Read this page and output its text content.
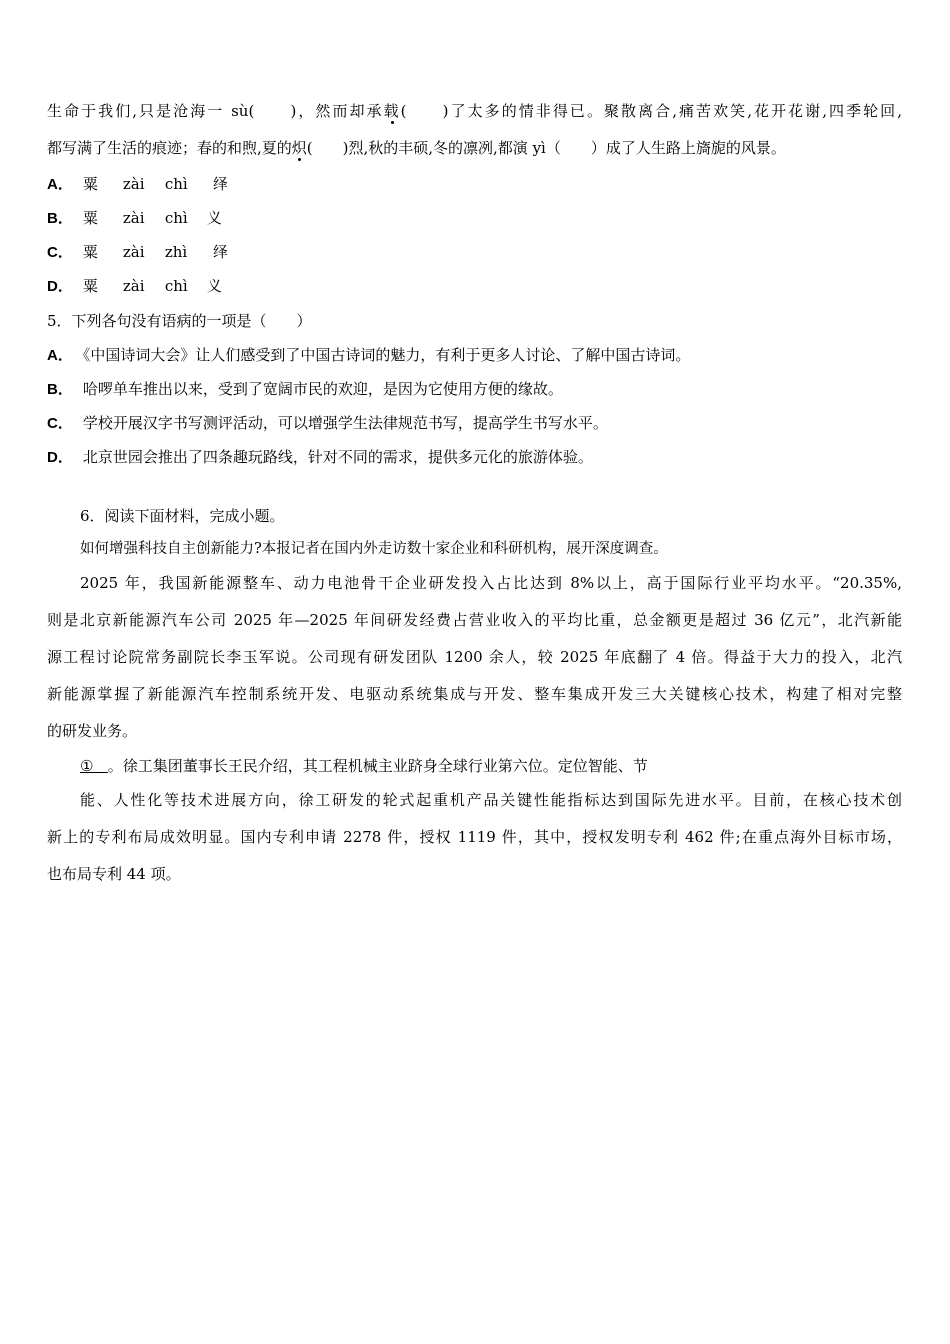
生命于我们,只是沧海一 sù(　　)，然而却承载(　　)了太多的情非得已。聚散离合,痛苦欢笑,花开花谢,四季轮回,
都写满了生活的痕迹；春的和煦,夏的炽(　　)烈,秋的丰硕,冬的凛冽,都演 yì（　　）成了人生路上旖旎的风景。
A． 粟 zài chì 绎
B． 粟 zài chì 义
C． 粟 zài zhì 绎
D． 粟 zài chì 义
5．下列各句没有语病的一项是（　　）
A． 《中国诗词大会》让人们感受到了中国古诗词的魅力，有利于更多人讨论、了解中国古诗词。
B． 哈啰单车推出以来，受到了宽阔市民的欢迎，是因为它使用方便的缘故。
C． 学校开展汉字书写测评活动，可以增强学生法律规范书写，提高学生书写水平。
D． 北京世园会推出了四条趣玩路线，针对不同的需求，提供多元化的旅游体验。
6．阅读下面材料，完成小题。
如何增强科技自主创新能力?本报记者在国内外走访数十家企业和科研机构，展开深度调查。
2025 年，我国新能源整车、动力电池骨干企业研发投入占比达到 8%以上，高于国际行业平均水平。“20.35%,
则是北京新能源汽车公司 2025 年—2025 年间研发经费占营业收入的平均比重，总金额更是超过 36 亿元”，北汽新能
源工程讨论院常务副院长李玉军说。公司现有研发团队 1200 余人，较 2025 年底翻了 4 倍。得益于大力的投入，北汽
新能源掌握了新能源汽车控制系统开发、电驱动系统集成与开发、整车集成开发三大关键核心技术，构建了相对完整
的研发业务。
① 。徐工集团董事长王民介绍，其工程机械主业跻身全球行业第六位。定位智能、节
能、人性化等技术进展方向，徐工研发的轮式起重机产品关键性能指标达到国际先进水平。目前，在核心技术创
新上的专利布局成效明显。国内专利申请 2278 件，授权 1119 件，其中，授权发明专利 462 件;在重点海外目标市场，
也布局专利 44 项。
